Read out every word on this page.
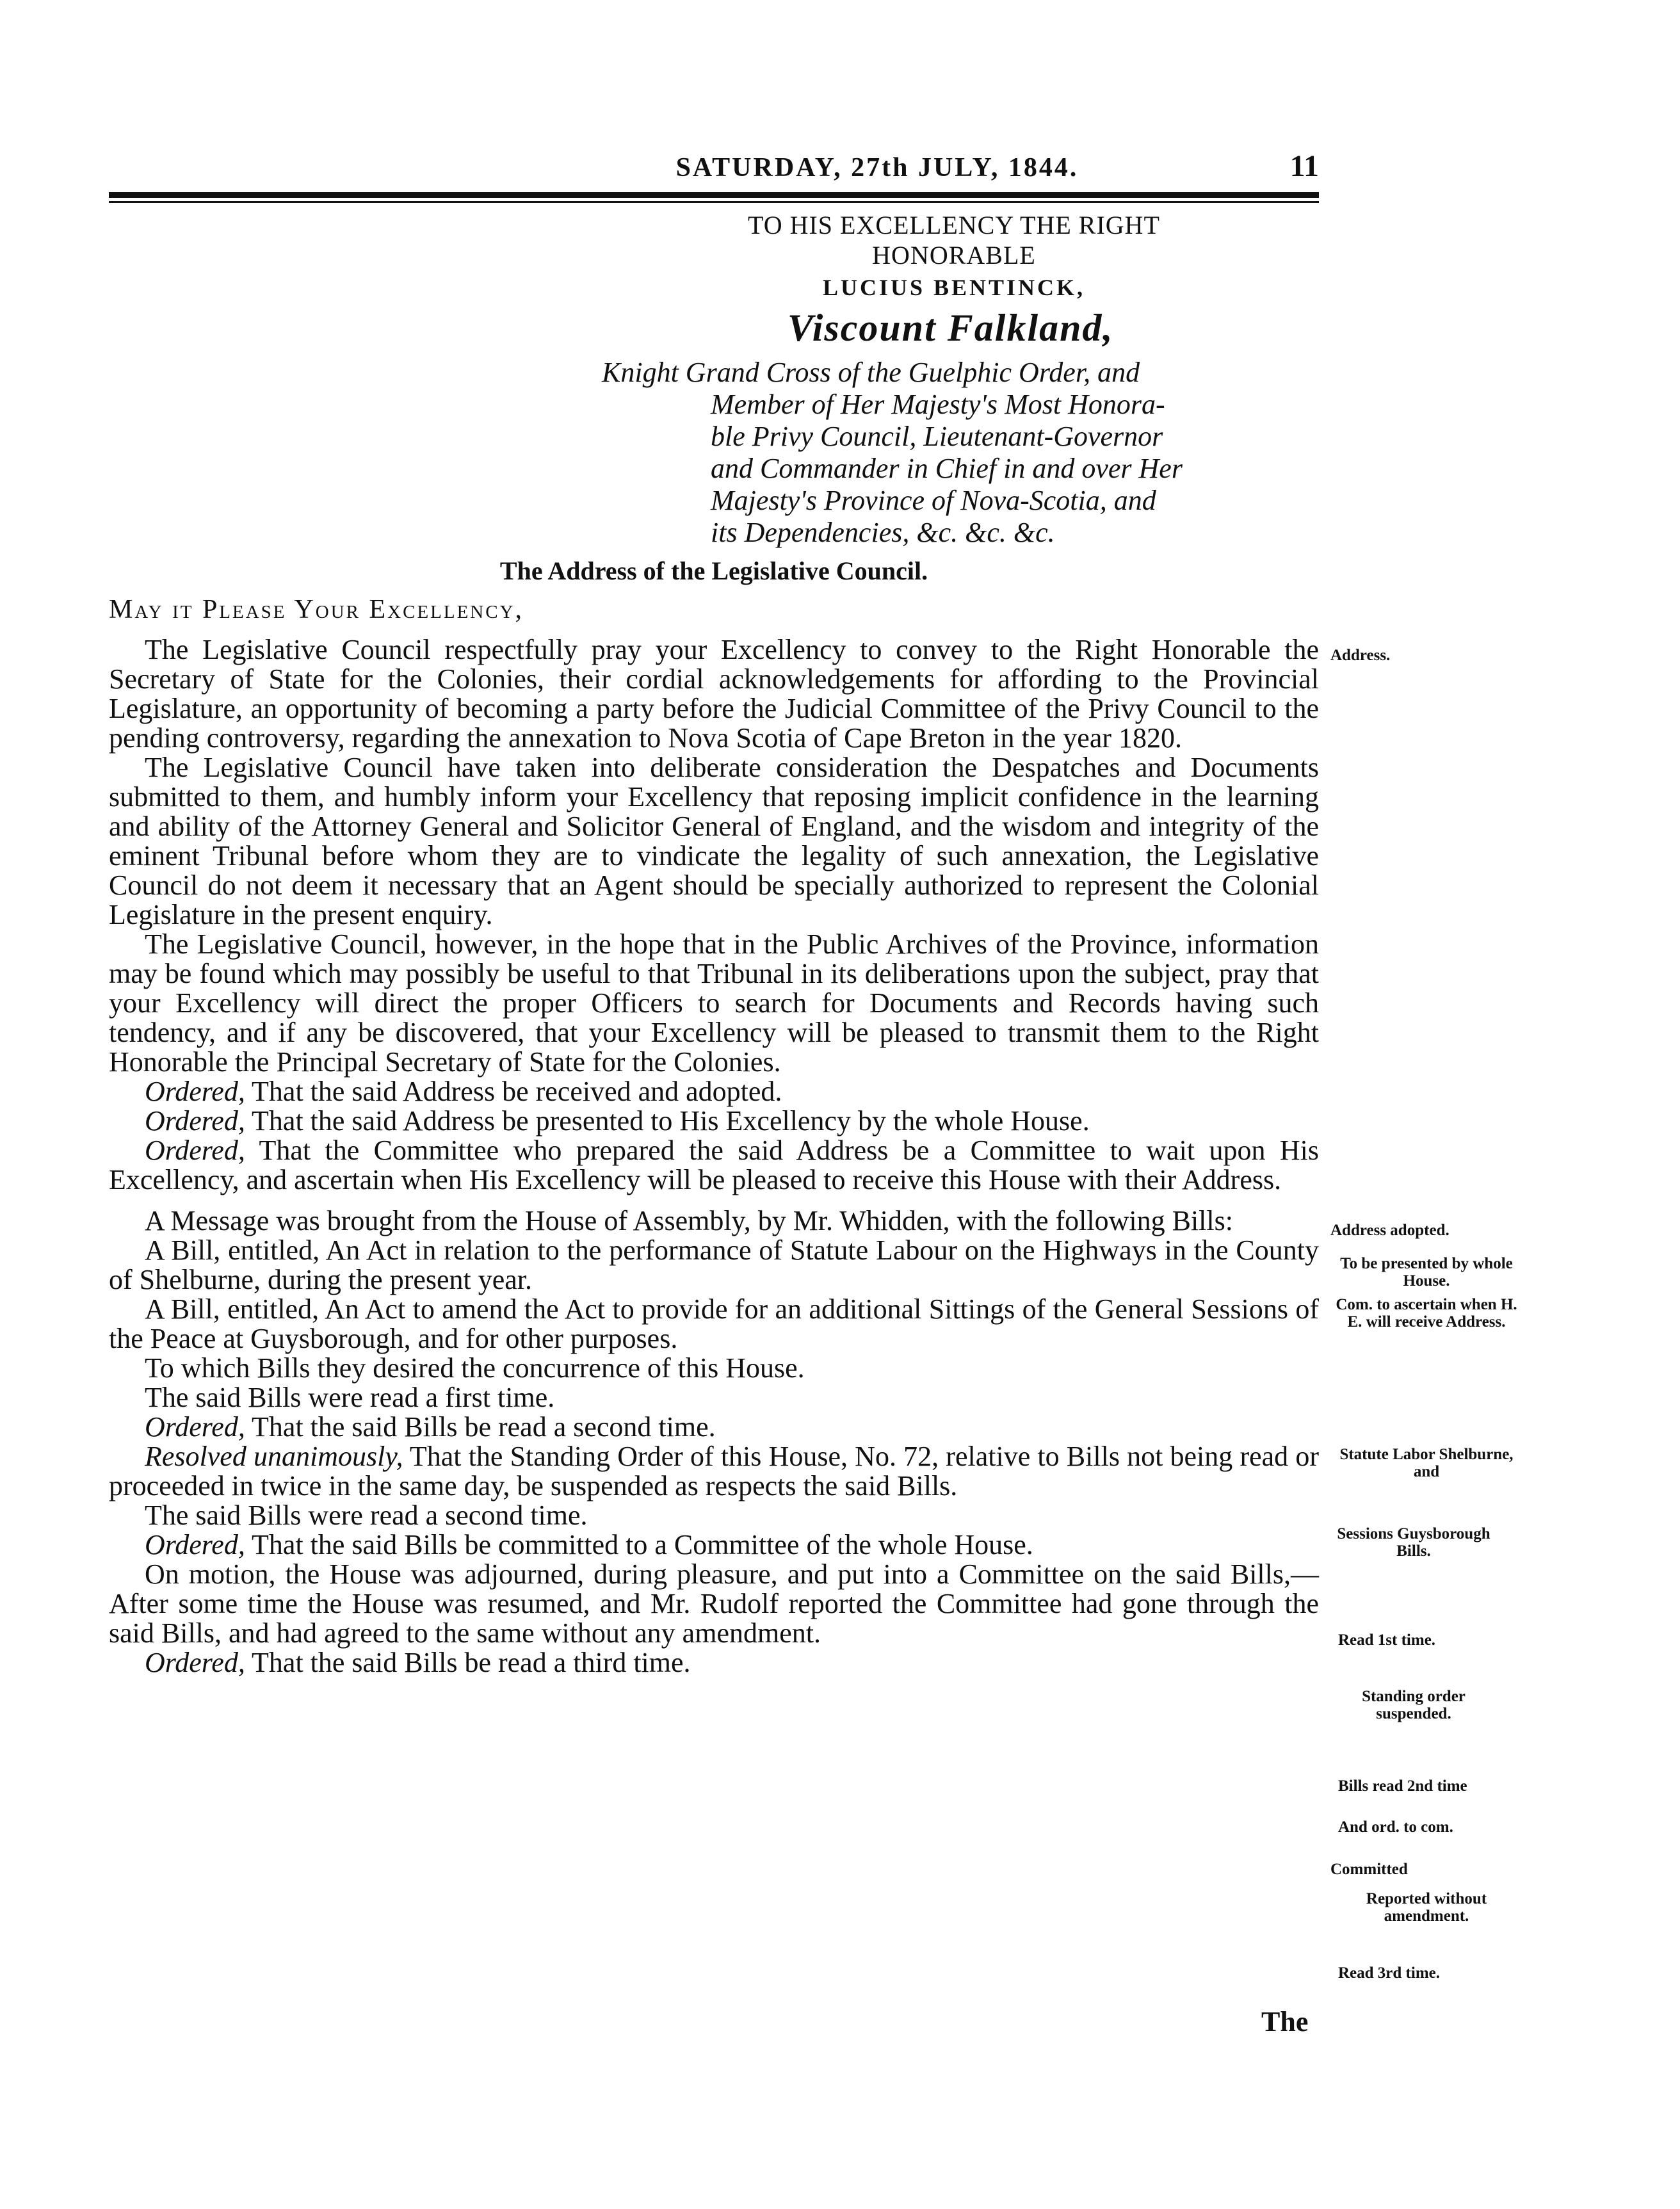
SATURDAY, 27th JULY, 1844.	11
TO HIS EXCELLENCY THE RIGHT HONORABLE
LUCIUS BENTINCK,
Viscount Falkland,
Knight Grand Cross of the Guelphic Order, and
Member of Her Majesty's Most Honora-
ble Privy Council, Lieutenant-Governor
and Commander in Chief in and over Her
Majesty's Province of Nova-Scotia, and
its Dependencies, &c. &c. &c.
The Address of the Legislative Council.
May it Please Your Excellency,

The Legislative Council respectfully pray your Excellency to convey to the Right Honorable the Secretary of State for the Colonies, their cordial acknowledgements for affording to the Provincial Legislature, an opportunity of becoming a party before the Judicial Committee of the Privy Council to the pending controversy, regarding the annexation to Nova Scotia of Cape Breton in the year 1820.

The Legislative Council have taken into deliberate consideration the Despatches and Documents submitted to them, and humbly inform your Excellency that reposing implicit confidence in the learning and ability of the Attorney General and Solicitor General of England, and the wisdom and integrity of the eminent Tribunal before whom they are to vindicate the legality of such annexation, the Legislative Council do not deem it necessary that an Agent should be specially authorized to represent the Colonial Legislature in the present enquiry.

The Legislative Council, however, in the hope that in the Public Archives of the Province, information may be found which may possibly be useful to that Tribunal in its deliberations upon the subject, pray that your Excellency will direct the proper Officers to search for Documents and Records having such tendency, and if any be discovered, that your Excellency will be pleased to transmit them to the Right Honorable the Principal Secretary of State for the Colonies.

Ordered, That the said Address be received and adopted.

Ordered, That the said Address be presented to His Excellency by the whole House.

Ordered, That the Committee who prepared the said Address be a Committee to wait upon His Excellency, and ascertain when His Excellency will be pleased to receive this House with their Address.

A Message was brought from the House of Assembly, by Mr. Whidden, with the following Bills:

A Bill, entitled, An Act in relation to the performance of Statute Labour on the Highways in the County of Shelburne, during the present year.

A Bill, entitled, An Act to amend the Act to provide for an additional Sittings of the General Sessions of the Peace at Guysborough, and for other purposes.

To which Bills they desired the concurrence of this House.

The said Bills were read a first time.

Ordered, That the said Bills be read a second time.

Resolved unanimously, That the Standing Order of this House, No. 72, relative to Bills not being read or proceeded in twice in the same day, be suspended as respects the said Bills.

The said Bills were read a second time.

Ordered, That the said Bills be committed to a Committee of the whole House.

On motion, the House was adjourned, during pleasure, and put into a Committee on the said Bills,—After some time the House was resumed, and Mr. Rudolf reported the Committee had gone through the said Bills, and had agreed to the same without any amendment.

Ordered, That the said Bills be read a third time.

The
Address.
Address adopted.
To be presented by whole House.
Com. to ascertain when H. E. will receive Address.
Statute Labor Shelburne, and
Sessions Guysborough Bills.
Read 1st time.
Standing order suspended.
Bills read 2nd time
And ord. to com.
Committed
Reported without amendment.
Read 3rd time.
